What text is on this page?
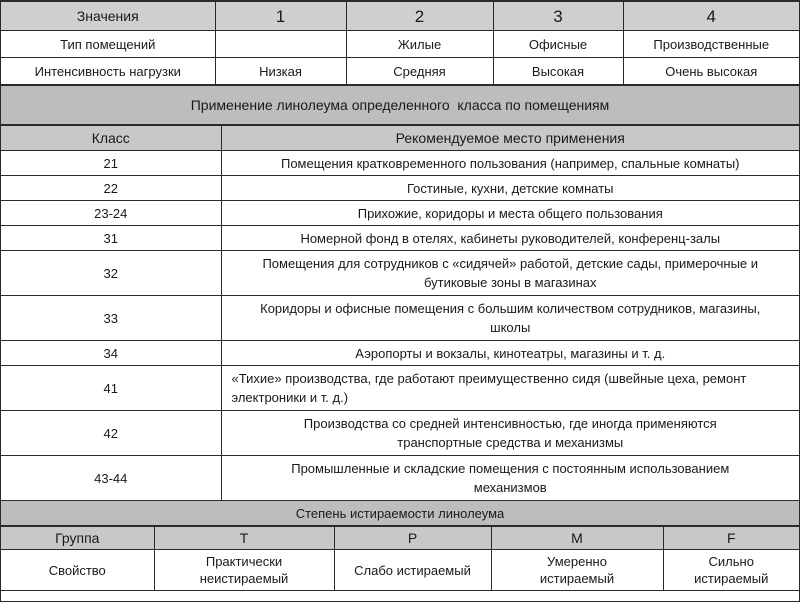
Значения	1	2	3	4
Тип помещений		Жилые	Офисные	Производственные
Интенсивность нагрузки	Низкая	Средняя	Высокая	Очень высокая
Применение линолеума определенного  класса по помещениям				
Класс	Рекомендуемое место применения
21	Помещения кратковременного пользования (например, спальные комнаты)
22	Гостиные, кухни, детские комнаты
23-24	Прихожие, коридоры и места общего пользования
31	Номерной фонд в отелях, кабинеты руководителей, конференц-залы
32	Помещения для сотрудников с «сидячей» работой, детские сады, примерочные и бутиковые зоны в магазинах
33	Коридоры и офисные помещения с большим количеством сотрудников, магазины, школы
34	Аэропорты и вокзалы, кинотеатры, магазины и т. д.
41	«Тихие» производства, где работают преимущественно сидя (швейные цеха, ремонт электроники и т. д.)
42	Производства со средней интенсивностью, где иногда применяются транспортные средства и механизмы
43-44	Промышленные и складские помещения с постоянным использованием механизмов
Степень истираемости линолеума	
Группа	T	P	M	F
Свойство	Практически неистираемый	Слабо истираемый	Умеренно истираемый	Сильно истираемый
